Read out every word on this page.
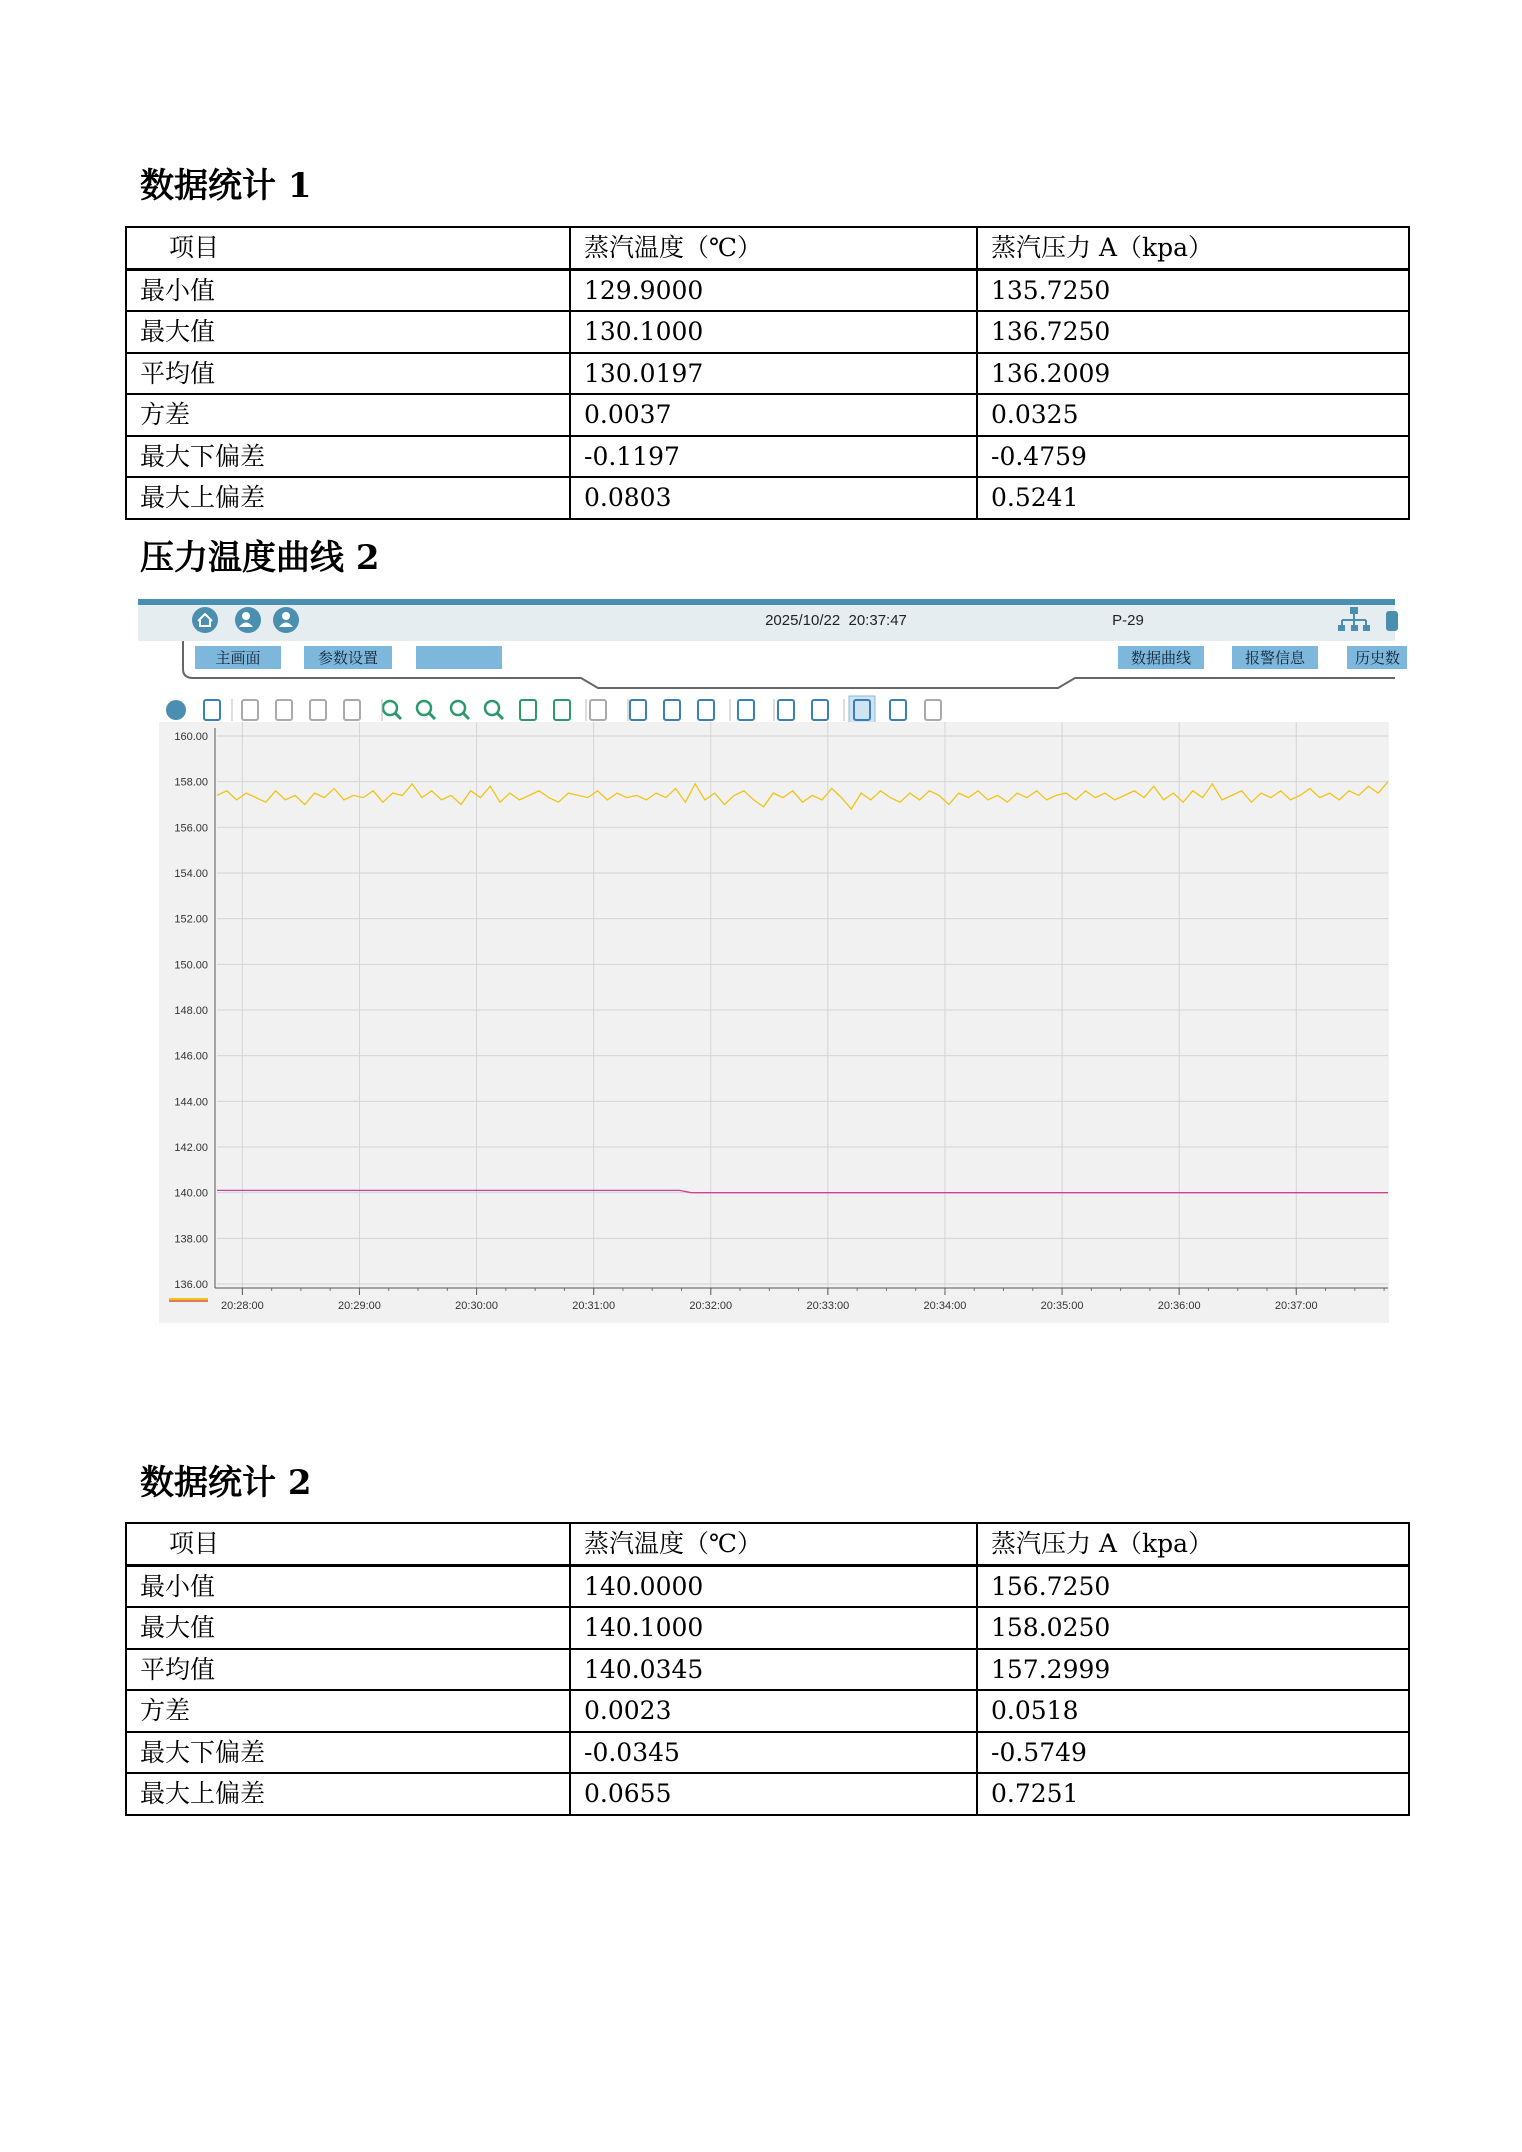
数据统计 1
项目	蒸汽温度（℃）	蒸汽压力 A（kpa）
最小值	129.9000	135.7250
最大值	130.1000	136.7250
平均值	130.0197	136.2009
方差	0.0037	0.0325
最大下偏差	-0.1197	-0.4759
最大上偏差	0.0803	0.5241
压力温度曲线 2
2025/10/22  20:37:47	P-29
主画面	参数设置	数据曲线	报警信息	历史数
160.00
158.00
156.00
154.00
152.00
150.00
148.00
146.00
144.00
142.00
140.00
138.00
136.00
20:28:00	20:29:00	20:30:00	20:31:00	20:32:00	20:33:00	20:34:00	20:35:00	20:36:00	20:37:00
数据统计 2
项目	蒸汽温度（℃）	蒸汽压力 A（kpa）
最小值	140.0000	156.7250
最大值	140.1000	158.0250
平均值	140.0345	157.2999
方差	0.0023	0.0518
最大下偏差	-0.0345	-0.5749
最大上偏差	0.0655	0.7251
